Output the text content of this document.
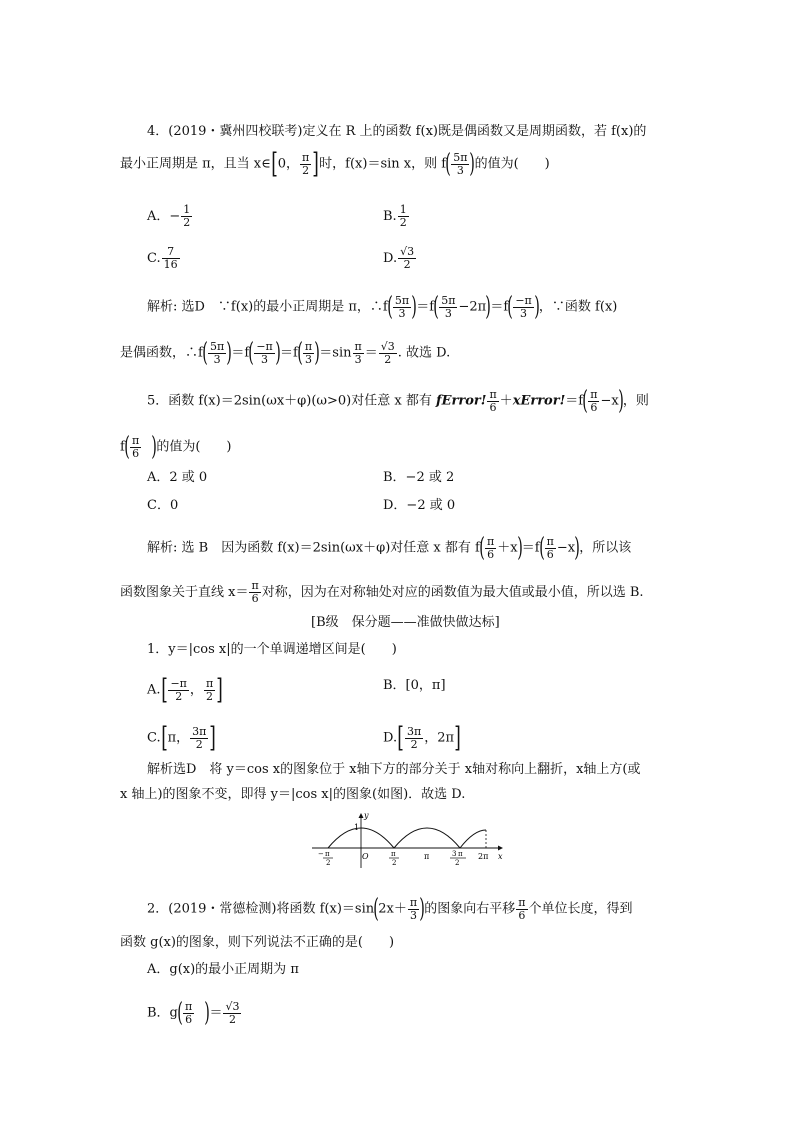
4．(2019・冀州四校联考)定义在 R 上的函数 f(x)既是偶函数又是周期函数，若 f(x)的
最小正周期是 π，且当 x∈[0， $\frac{\pi}{2}$ ]时，f(x)＝sin x，则 $f( \frac{5\pi}{3}$ )的值为(　　)
A．− $\frac{1}{2}$	B. $\frac{1}{2}$
C. $\frac{7}{16}$	D. $\frac{√3}{2}$
解析: 选D　∵f(x)的最小正周期是 π，∴f( $\frac{5\pi}{3} )=f( \frac{5\pi}{3} -2\pi)=f( \frac{-\pi}{3}$ )，∵函数 f(x)
是偶函数，∴f( $\frac{5\pi}{3} )=f( \frac{-\pi}{3} )=f( \frac{\pi}{3} )=\sin \frac{\pi}{3} = \frac{√3}{2}$ . 故选 D.
5．函数 f(x)＝2sin(ωx＋φ)(ω>0)对任意 x 都有 fError! $\frac{\pi}{6}$ ＋xError!＝f( $\frac{\pi}{6} -x$)，则
$f( \frac{\pi}{6}$ )的值为(　　)
A．2 或 0	B．−2 或 2
C．0	D．−2 或 0
解析: 选 B　因为函数 f(x)＝2sin(ωx＋φ)对任意 x 都有 $f( \frac{\pi}{6} +x)=f( \frac{\pi}{6} -x)$，所以该
函数图象关于直线 $x= \frac{\pi}{6}$ 对称，因为在对称轴处对应的函数值为最大值或最小值，所以选 B.
[B级　保分题——准做快做达标]
1．y＝|cos x|的一个单调递增区间是(　　)
$A.[ \frac{-\pi}{2}$ ， $\frac{\pi}{2}$ ]	B．[0，π]
C.[π， $\frac{3\pi}{2}$ ]	$D.[ \frac{3\pi}{2}$ ，2π]
解析选D　将 y＝cos x的图象位于 x轴下方的部分关于 x轴对称向上翻折，x轴上方(或
x 轴上)的图象不变，即得 y＝|cos x|的图象(如图)．故选 D.
y
1
x
O
− π
2
π
2
π	3 π
2
2π
2．(2019・常德检测)将函数 $f(x)=\sin(2x+ \frac{\pi}{3}$ )的图象向右平移 $\frac{\pi}{6}$ 个单位长度，得到
函数 g(x)的图象，则下列说法不正确的是(　　)
A．g(x)的最小正周期为 π
B．$g( \frac{\pi}{6}$ )＝ $\frac{√3}{2}$
